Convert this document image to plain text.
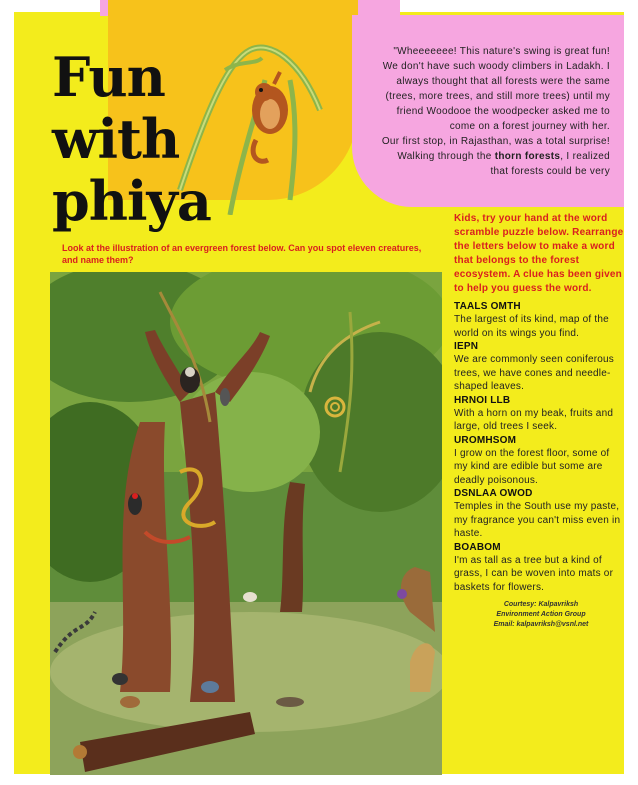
Fun
with
phiya

"Wheeeeeee! This nature's swing is great fun! We don't have such woody climbers in Ladakh. I always thought that all forests were the same (trees, more trees, and still more trees) until my friend Woodooe the woodpecker asked me to come on a forest journey with her.

Our first stop, in Rajasthan, was a total surprise! Walking through the thorn forests, I realized that forests could be very

Look at the illustration of an evergreen forest below. Can you spot eleven creatures, and name them?
Kids, try your hand at the word scramble puzzle below. Rearrange the letters below to make a word that belongs to the forest ecosystem. A clue has been given to help you guess the word.
TAALS OMTH
The largest of its kind, map of the world on its wings you find.
IEPN
We are commonly seen coniferous trees, we have cones and needle-shaped leaves.
HRNOI LLB
With a horn on my beak, fruits and large, old trees I seek.
UROMHSOM
I grow on the forest floor, some of my kind are edible but some are deadly poisonous.
DSNLAA OWOD
Temples in the South use my paste, my fragrance you can't miss even in haste.
BOABOM
I'm as tall as a tree but a kind of grass, I can be woven into mats or baskets for flowers.
Courtesy: Kalpavriksh
Environment Action Group
Email: kalpavriksh@vsnl.net
